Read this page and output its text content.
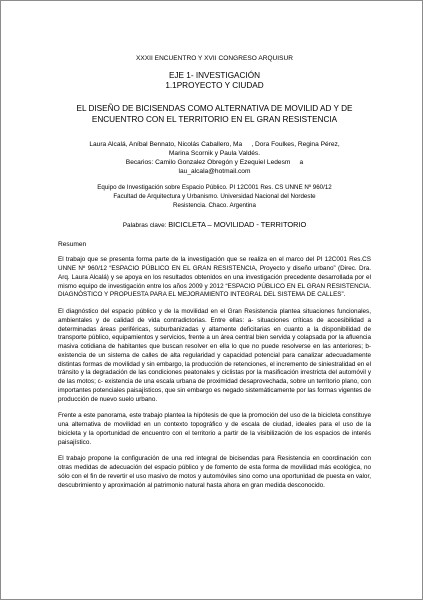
XXXII ENCUENTRO Y XVII CONGRESO ARQUISUR

EJE 1- INVESTIGACIÓN
1.1PROYECTO Y CIUDAD

EL DISEÑO DE BICISENDAS COMO ALTERNATIVA DE MOVILID AD Y DE
ENCUENTRO CON EL TERRITORIO EN EL GRAN RESISTENCIA

Laura Alcalá, Aníbal Bennato, Nicolás Caballero, Ma     , Dora Foulkes, Regina Pérez,
Marina Scornik y Paula Valdés.
Becarios: Camilo Gonzalez Obregón y Ezequiel Ledesm     a
lau_alcala@hotmail.com

Equipo de Investigación sobre Espacio Público. PI 12C001 Res. CS UNNE Nº 960/12
Facultad de Arquitectura y Urbanismo. Universidad Nacional del Nordeste
Resistencia. Chaco. Argentina

Palabras clave: BICICLETA – MOVILIDAD - TERRITORIO

Resumen

El trabajo que se presenta forma parte de la investigación que se realiza en el marco del PI 12C001 Res.CS UNNE Nº 960/12 “ESPACIO PÚBLICO EN EL GRAN RESISTENCIA, Proyecto y diseño urbano” (Direc. Dra. Arq. Laura Alcalá) y se apoya en los resultados obtenidos en una investigación precedente desarrollada por el mismo equipo de investigación entre los años 2009 y 2012 “ESPACIO PÚBLICO EN EL GRAN RESISTENCIA. DIAGNÓSTICO Y PROPUESTA PARA EL MEJORAMIENTO INTEGRAL DEL SISTEMA DE CALLES”.

El diagnóstico del espacio público y de la movilidad en el Gran Resistencia plantea situaciones funcionales, ambientales y de calidad de vida contradictorias. Entre ellas: a- situaciones críticas de accesibilidad a determinadas áreas periféricas, suburbanizadas y altamente deficitarias en cuanto a la disponibilidad de transporte público, equipamientos y servicios, frente a un área central bien servida y colapsada por la afluencia masiva cotidiana de habitantes que buscan resolver en ella lo que no puede resolverse en las anteriores; b- existencia de un sistema de calles de alta regularidad y capacidad potencial para canalizar adecuadamente distintas formas de movilidad y sin embargo, la producción de retenciones, el incremento de siniestralidad en el tránsito y la degradación de las condiciones peatonales y ciclistas por la masificación irrestricta del automóvil y de las motos; c- existencia de una escala urbana de proximidad desaprovechada, sobre un territorio plano, con importantes potenciales paisajísticos, que sin embargo es negado sistemáticamente por las formas vigentes de producción de nuevo suelo urbano.

Frente a este panorama, este trabajo plantea la hipótesis de que la promoción del uso de la bicicleta constituye una alternativa de movilidad en un contexto topográfico y de escala de ciudad, ideales para el uso de la bicicleta y la oportunidad de encuentro con el territorio a partir de la visibilización de los espacios de interés paisajístico.

El trabajo propone la configuración de una red integral de bicisendas para Resistencia en coordinación con otras medidas de adecuación del espacio público y de fomento de esta forma de movilidad más ecológica, no sólo con el fin de revertir el uso masivo de motos y automóviles sino como una oportunidad de puesta en valor, descubrimiento y aproximación al patrimonio natural hasta ahora en gran medida desconocido.
